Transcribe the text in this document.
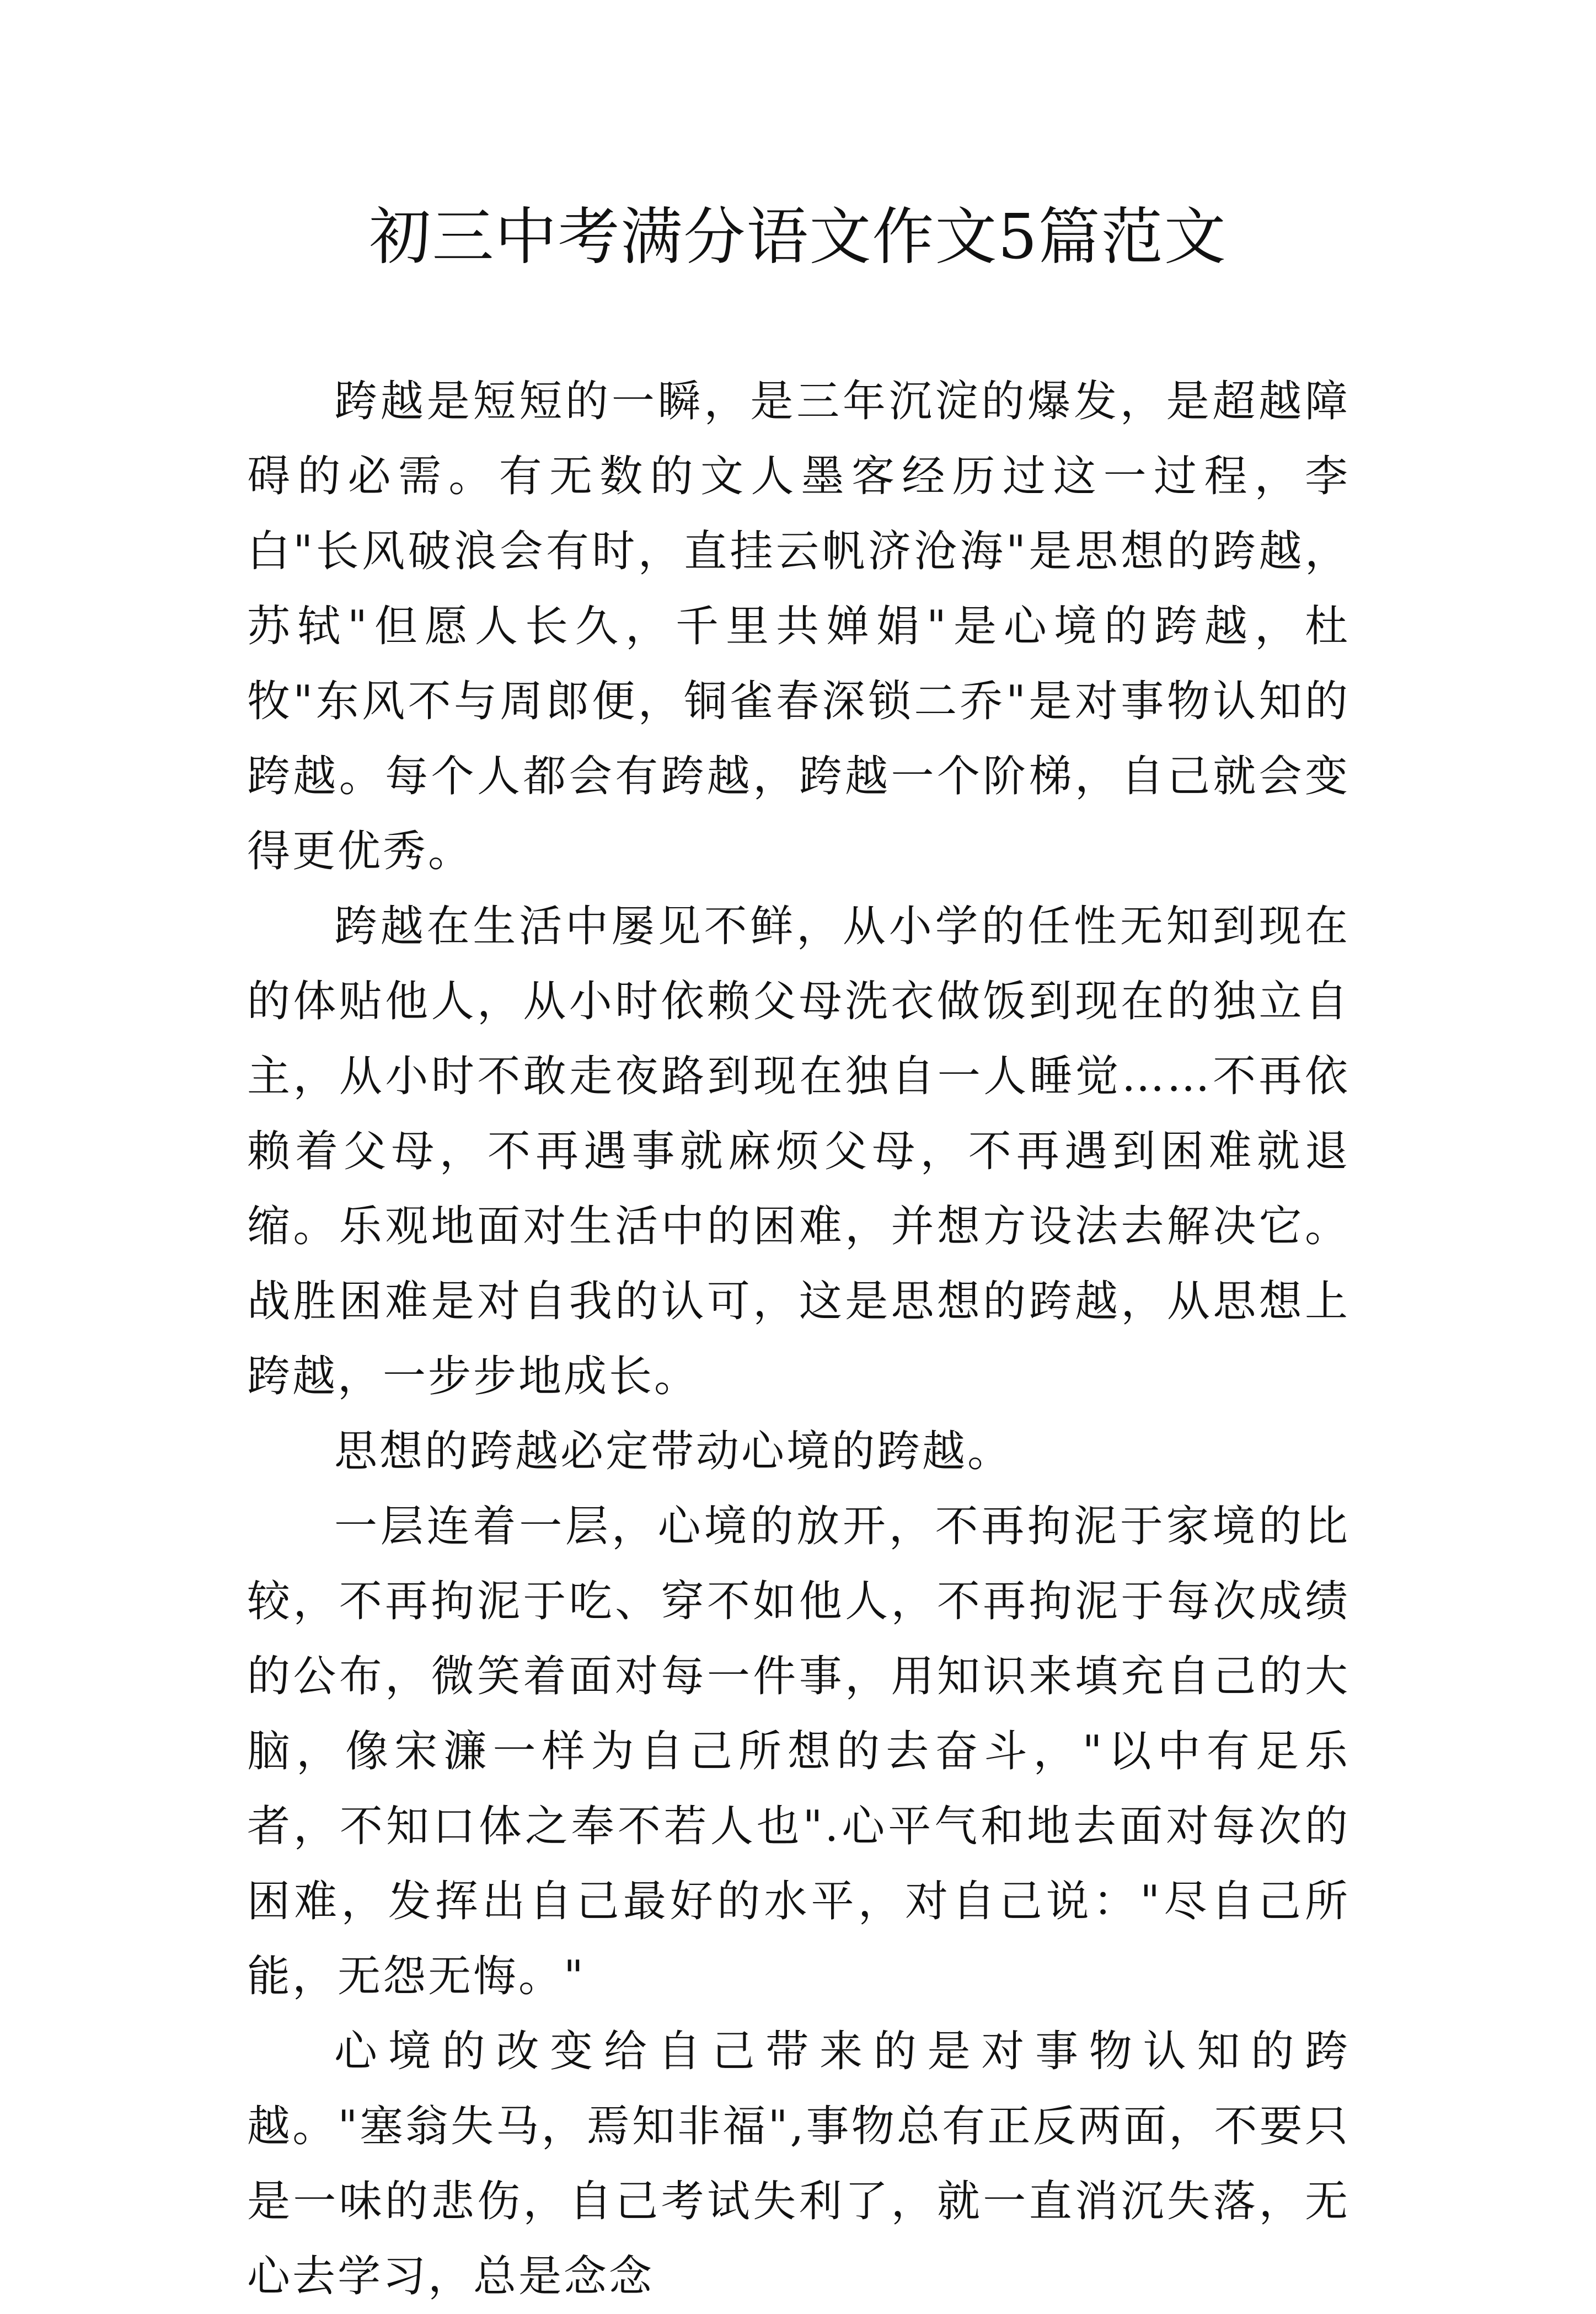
初三中考满分语文作文5篇范文

跨越是短短的一瞬，是三年沉淀的爆发，是超越障碍的必需。有无数的文人墨客经历过这一过程，李白"长风破浪会有时，直挂云帆济沧海"是思想的跨越，苏轼"但愿人长久，千里共婵娟"是心境的跨越，杜牧"东风不与周郎便，铜雀春深锁二乔"是对事物认知的跨越。每个人都会有跨越，跨越一个阶梯，自己就会变得更优秀。

跨越在生活中屡见不鲜，从小学的任性无知到现在的体贴他人，从小时依赖父母洗衣做饭到现在的独立自主，从小时不敢走夜路到现在独自一人睡觉……不再依赖着父母，不再遇事就麻烦父母，不再遇到困难就退缩。乐观地面对生活中的困难，并想方设法去解决它。战胜困难是对自我的认可，这是思想的跨越，从思想上跨越，一步步地成长。

思想的跨越必定带动心境的跨越。

一层连着一层，心境的放开，不再拘泥于家境的比较，不再拘泥于吃、穿不如他人，不再拘泥于每次成绩的公布，微笑着面对每一件事，用知识来填充自己的大脑，像宋濂一样为自己所想的去奋斗，"以中有足乐者，不知口体之奉不若人也".心平气和地去面对每次的困难，发挥出自己最好的水平，对自己说："尽自己所能，无怨无悔。"

心境的改变给自己带来的是对事物认知的跨越。"塞翁失马，焉知非福",事物总有正反两面，不要只是一味的悲伤，自己考试失利了，就一直消沉失落，无心去学习，总是念念
